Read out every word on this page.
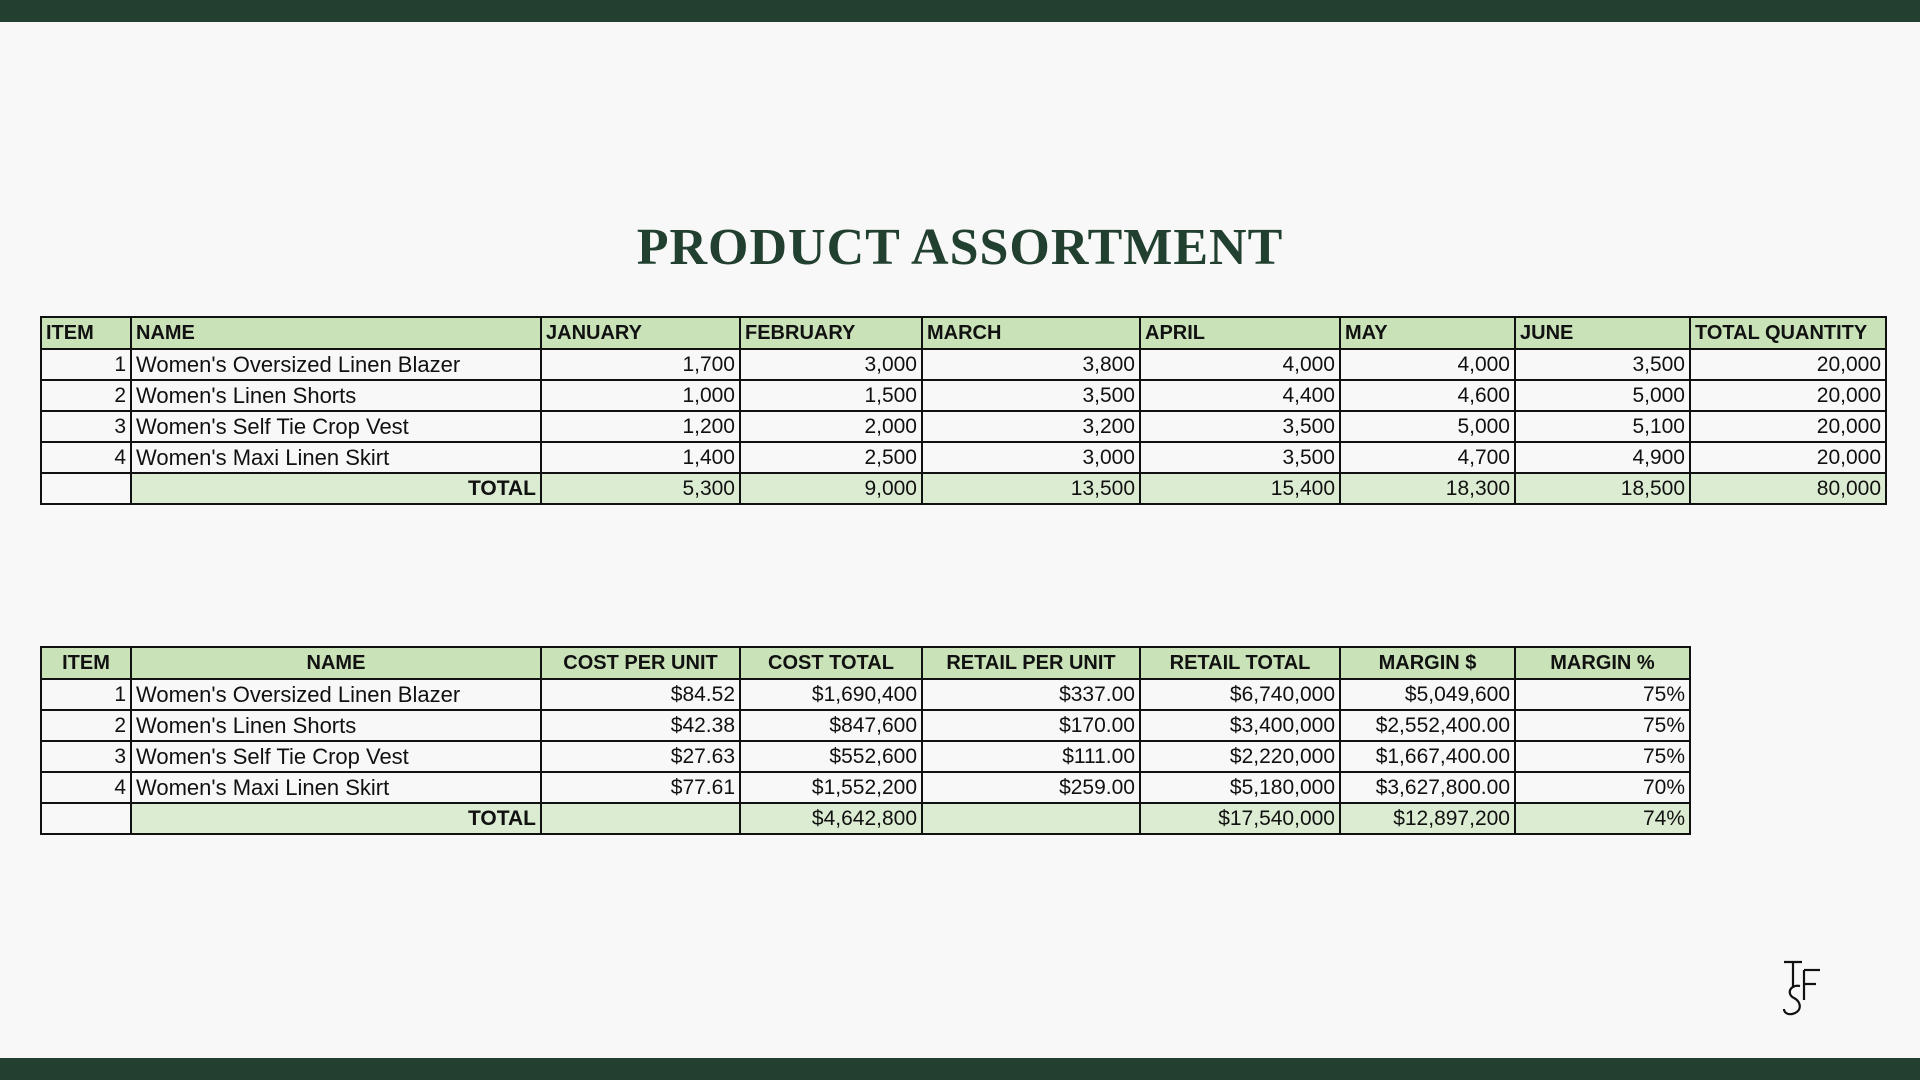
PRODUCT ASSORTMENT
ITEM	NAME	JANUARY	FEBRUARY	MARCH	APRIL	MAY	JUNE	TOTAL QUANTITY
1	Women's Oversized Linen Blazer	1,700	3,000	3,800	4,000	4,000	3,500	20,000
2	Women's Linen Shorts	1,000	1,500	3,500	4,400	4,600	5,000	20,000
3	Women's Self Tie Crop Vest	1,200	2,000	3,200	3,500	5,000	5,100	20,000
4	Women's Maxi Linen Skirt	1,400	2,500	3,000	3,500	4,700	4,900	20,000
	TOTAL	5,300	9,000	13,500	15,400	18,300	18,500	80,000
ITEM	NAME	COST PER UNIT	COST TOTAL	RETAIL PER UNIT	RETAIL TOTAL	MARGIN $	MARGIN %
1	Women's Oversized Linen Blazer	$84.52	$1,690,400	$337.00	$6,740,000	$5,049,600	75%
2	Women's Linen Shorts	$42.38	$847,600	$170.00	$3,400,000	$2,552,400.00	75%
3	Women's Self Tie Crop Vest	$27.63	$552,600	$111.00	$2,220,000	$1,667,400.00	75%
4	Women's Maxi Linen Skirt	$77.61	$1,552,200	$259.00	$5,180,000	$3,627,800.00	70%
	TOTAL		$4,642,800		$17,540,000	$12,897,200	74%
